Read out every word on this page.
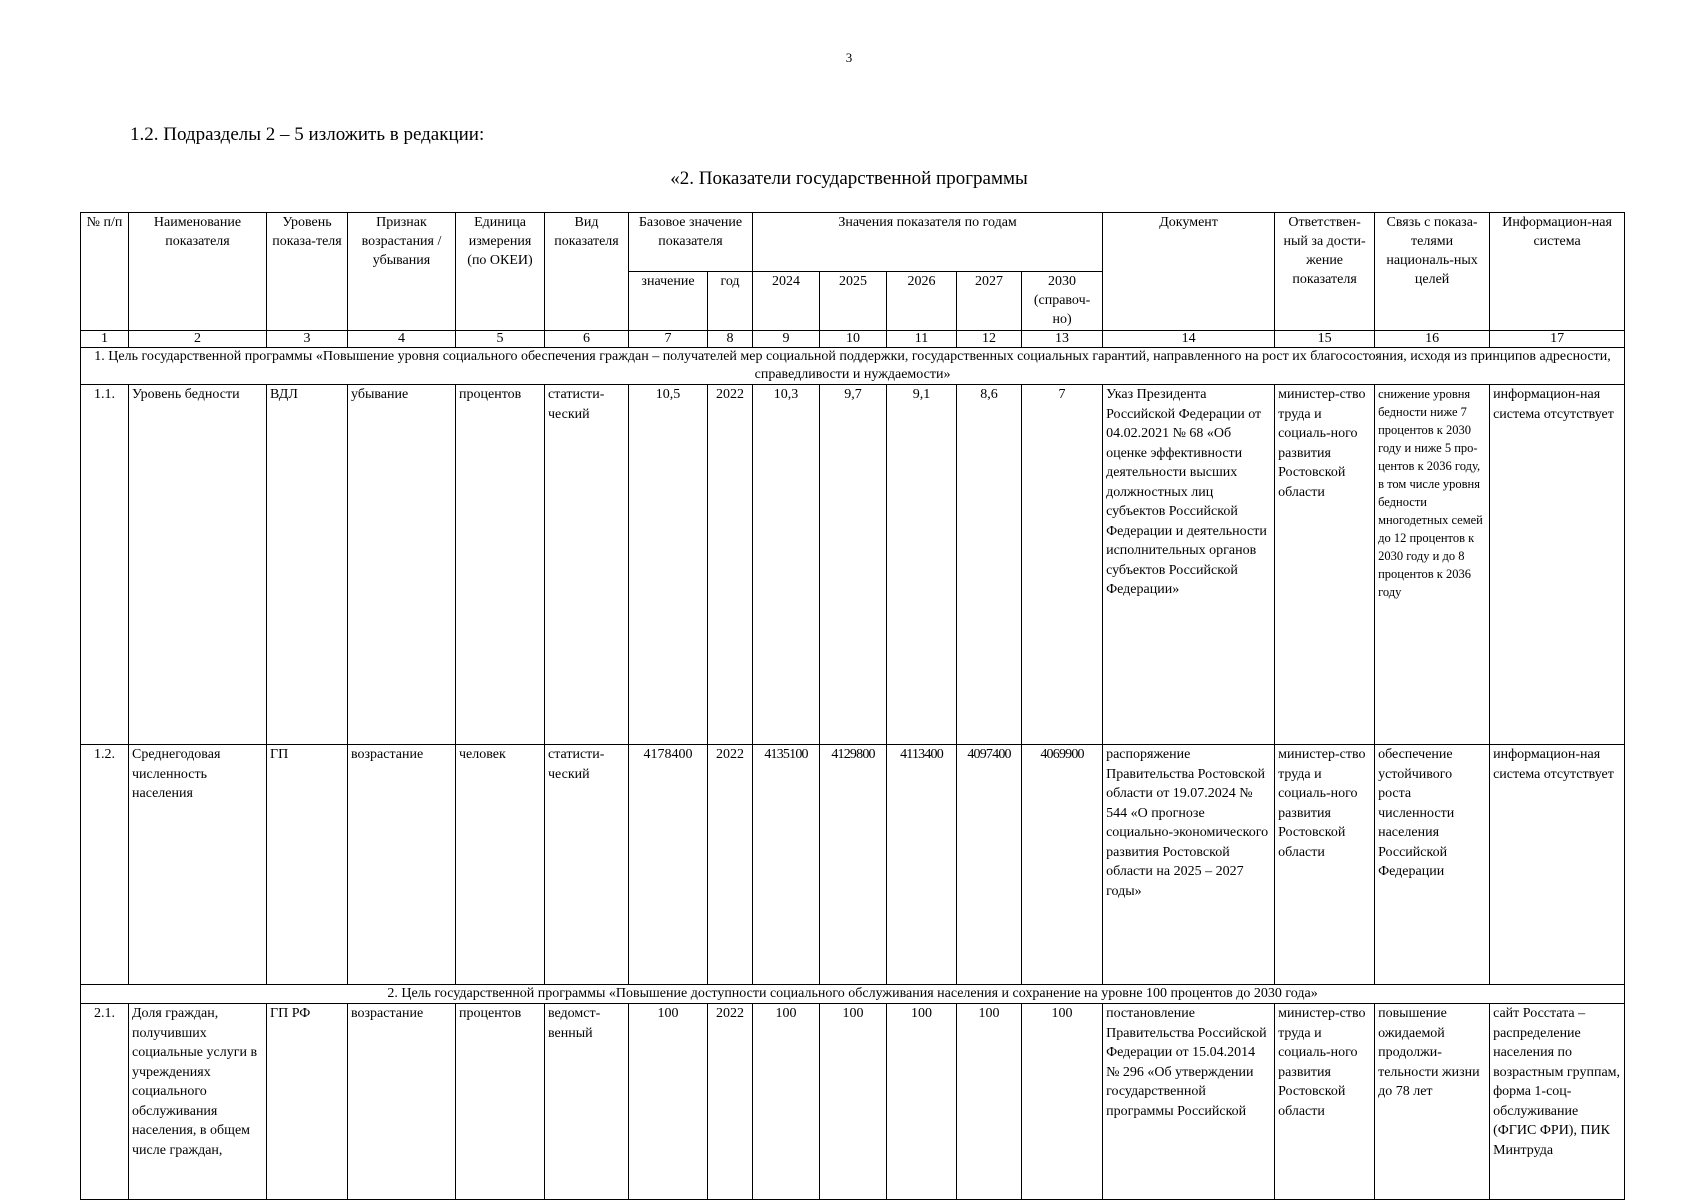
3
1.2. Подразделы 2 – 5 изложить в редакции:
«2. Показатели государственной программы
№ п/п	Наименование показателя	Уровень показа-теля	Признак возрастания / убывания	Единица измерения (по ОКЕИ)	Вид показателя	Базовое значение показателя		Значения показателя по годам					Документ	Ответствен-ный за дости-жение показателя	Связь с показа-телями националь-ных целей	Информацион-ная система
						значение	год	2024	2025	2026	2027	2030 (справоч-но)				
1	2	3	4	5	6	7	8	9	10	11	12	13	14	15	16	17
1. Цель государственной программы «Повышение уровня социального обеспечения граждан – получателей мер социальной поддержки, государственных социальных гарантий, направленного на рост их благосостояния, исходя из принципов адресности, справедливости и нуждаемости»																
1.1.	Уровень бедности	ВДЛ	убывание	процентов	статисти-ческий	10,5	2022	10,3	9,7	9,1	8,6	7	Указ Президента Российской Федерации от 04.02.2021 № 68 «Об оценке эффективности деятельности высших должностных лиц субъектов Российской Федерации и деятельности исполнительных органов субъектов Российской Федерации»	министер-ство труда и социаль-ного развития Ростовской области	снижение уровня бедности ниже 7 процентов к 2030 году и ниже 5 про-центов к 2036 году, в том числе уровня бедности многодетных семей до 12 процентов к 2030 году и до 8 процентов к 2036 году	информацион-ная система отсутствует
1.2.	Среднегодовая численность населения	ГП	возрастание	человек	статисти-ческий	4178400	2022	4135100	4129800	4113400	4097400	4069900	распоряжение Правительства Ростовской области от 19.07.2024 № 544 «О прогнозе социально-экономического развития Ростовской области на 2025 – 2027 годы»	министер-ство труда и социаль-ного развития Ростовской области	обеспечение устойчивого роста численности населения Российской Федерации	информацион-ная система отсутствует
2. Цель государственной программы «Повышение доступности социального обслуживания населения и сохранение на уровне 100 процентов до 2030 года»																
2.1.	Доля граждан, получивших социальные услуги в учреждениях социального обслуживания населения, в общем числе граждан,	ГП РФ	возрастание	процентов	ведомст-венный	100	2022	100	100	100	100	100	постановление Правительства Российской Федерации от 15.04.2014 № 296 «Об утверждении государственной программы Российской	министер-ство труда и социаль-ного развития Ростовской области	повышение ожидаемой продолжи-тельности жизни до 78 лет	сайт Росстата – распределение населения по возрастным группам, форма 1-соц-обслуживание (ФГИС ФРИ), ПИК Минтруда
